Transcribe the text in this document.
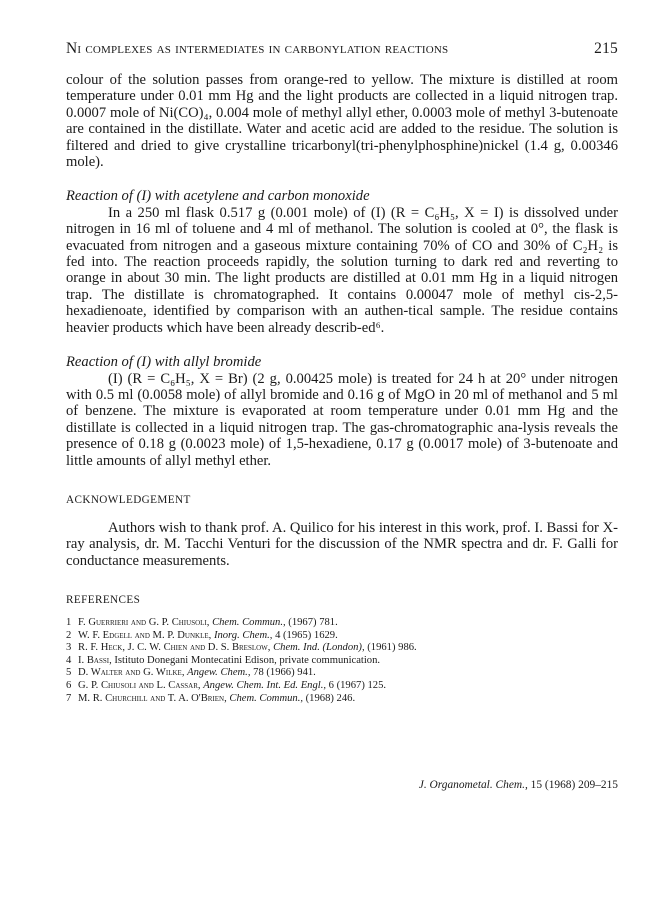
Ni complexes as intermediates in carbonylation reactions	215

colour of the solution passes from orange-red to yellow. The mixture is distilled at room temperature under 0.01 mm Hg and the light products are collected in a liquid nitrogen trap. 0.0007 mole of Ni(CO)₄, 0.004 mole of methyl allyl ether, 0.0003 mole of methyl 3-butenoate are contained in the distillate. Water and acetic acid are added to the residue. The solution is filtered and dried to give crystalline tricarbonyl(tri-phenylphosphine)nickel (1.4 g, 0.00346 mole).

Reaction of (I) with acetylene and carbon monoxide

In a 250 ml flask 0.517 g (0.001 mole) of (I) (R = C₆H₅, X = I) is dissolved under nitrogen in 16 ml of toluene and 4 ml of methanol. The solution is cooled at 0°, the flask is evacuated from nitrogen and a gaseous mixture containing 70% of CO and 30% of C₂H₂ is fed into. The reaction proceeds rapidly, the solution turning to dark red and reverting to orange in about 30 min. The light products are distilled at 0.01 mm Hg in a liquid nitrogen trap. The distillate is chromatographed. It contains 0.00047 mole of methyl cis-2,5-hexadienoate, identified by comparison with an authen-tical sample. The residue contains heavier products which have been already describ-ed⁶.

Reaction of (I) with allyl bromide

(I) (R = C₆H₅, X = Br) (2 g, 0.00425 mole) is treated for 24 h at 20° under nitrogen with 0.5 ml (0.0058 mole) of allyl bromide and 0.16 g of MgO in 20 ml of methanol and 5 ml of benzene. The mixture is evaporated at room temperature under 0.01 mm Hg and the distillate is collected in a liquid nitrogen trap. The gas-chromatographic ana-lysis reveals the presence of 0.18 g (0.0023 mole) of 1,5-hexadiene, 0.17 g (0.0017 mole) of 3-butenoate and little amounts of allyl methyl ether.

ACKNOWLEDGEMENT
Authors wish to thank prof. A. Quilico for his interest in this work, prof. I. Bassi for X-ray analysis, dr. M. Tacchi Venturi for the discussion of the NMR spectra and dr. F. Galli for conductance measurements.
REFERENCES
1 F. Guerrieri and G. P. Chiusoli, Chem. Commun., (1967) 781.
2 W. F. Edgell and M. P. Dunkle, Inorg. Chem., 4 (1965) 1629.
3 R. F. Heck, J. C. W. Chien and D. S. Breslow, Chem. Ind. (London), (1961) 986.
4 I. Bassi, Istituto Donegani Montecatini Edison, private communication.
5 D. Walter and G. Wilke, Angew. Chem., 78 (1966) 941.
6 G. P. Chiusoli and L. Cassar, Angew. Chem. Int. Ed. Engl., 6 (1967) 125.
7 M. R. Churchill and T. A. O'Brien, Chem. Commun., (1968) 246.
J. Organometal. Chem., 15 (1968) 209–215
